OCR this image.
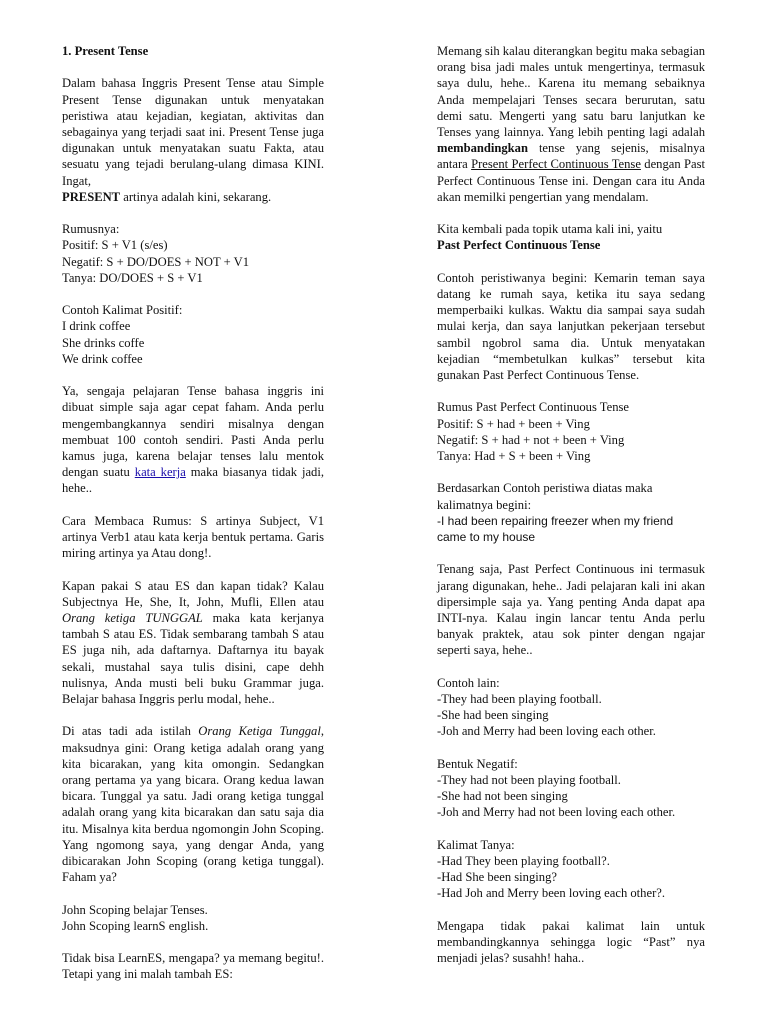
1. Present Tense

Dalam bahasa Inggris Present Tense atau Simple Present Tense digunakan untuk menyatakan peristiwa atau kejadian, kegiatan, aktivitas dan sebagainya yang terjadi saat ini. Present Tense juga digunakan untuk menyatakan suatu Fakta, atau sesuatu yang tejadi berulang-ulang dimasa KINI. Ingat,
PRESENT artinya adalah kini, sekarang.

Rumusnya:
Positif: S + V1 (s/es)
Negatif: S + DO/DOES + NOT + V1
Tanya: DO/DOES + S + V1
Contoh Kalimat Positif:
I drink coffee
She drinks coffe
We drink coffee

Ya, sengaja pelajaran Tense bahasa inggris ini dibuat simple saja agar cepat faham. Anda perlu mengembangkannya sendiri misalnya dengan membuat 100 contoh sendiri. Pasti Anda perlu kamus juga, karena belajar tenses lalu mentok dengan suatu kata kerja maka biasanya tidak jadi, hehe..

Cara Membaca Rumus: S artinya Subject, V1 artinya Verb1 atau kata kerja bentuk pertama. Garis miring artinya ya Atau dong!.

Kapan pakai S atau ES dan kapan tidak? Kalau Subjectnya He, She, It, John, Mufli, Ellen atau Orang ketiga TUNGGAL maka kata kerjanya tambah S atau ES. Tidak sembarang tambah S atau ES juga nih, ada daftarnya. Daftarnya itu bayak sekali, mustahal saya tulis disini, cape dehh nulisnya, Anda musti beli buku Grammar juga. Belajar bahasa Inggris perlu modal, hehe..

Di atas tadi ada istilah Orang Ketiga Tunggal, maksudnya gini: Orang ketiga adalah orang yang kita bicarakan, yang kita omongin. Sedangkan orang pertama ya yang bicara. Orang kedua lawan bicara. Tunggal ya satu. Jadi orang ketiga tunggal adalah orang yang kita bicarakan dan satu saja dia itu. Misalnya kita berdua ngomongin John Scoping. Yang ngomong saya, yang dengar Anda, yang dibicarakan John Scoping (orang ketiga tunggal). Faham ya?

John Scoping belajar Tenses.
John Scoping learnS english.

Tidak bisa LearnES, mengapa? ya memang begitu!. Tetapi yang ini malah tambah ES:

Memang sih kalau diterangkan begitu maka sebagian orang bisa jadi males untuk mengertinya, termasuk saya dulu, hehe.. Karena itu memang sebaiknya Anda mempelajari Tenses secara berurutan, satu demi satu. Mengerti yang satu baru lanjutkan ke Tenses yang lainnya. Yang lebih penting lagi adalah membandingkan tense yang sejenis, misalnya antara Present Perfect Continuous Tense dengan Past Perfect Continuous Tense ini. Dengan cara itu Anda akan memilki pengertian yang mendalam.

Kita kembali pada topik utama kali ini, yaitu
Past Perfect Continuous Tense

Contoh peristiwanya begini: Kemarin teman saya datang ke rumah saya, ketika itu saya sedang memperbaiki kulkas. Waktu dia sampai saya sudah mulai kerja, dan saya lanjutkan pekerjaan tersebut sambil ngobrol sama dia. Untuk menyatakan kejadian “membetulkan kulkas” tersebut kita gunakan Past Perfect Continuous Tense.

Rumus Past Perfect Continuous Tense
Positif: S + had + been + Ving
Negatif: S + had + not + been + Ving
Tanya: Had + S + been + Ving
Berdasarkan Contoh peristiwa diatas maka kalimatnya begini:
-I had been repairing freezer when my friend came to my house

Tenang saja, Past Perfect Continuous ini termasuk jarang digunakan, hehe.. Jadi pelajaran kali ini akan dipersimple saja ya. Yang penting Anda dapat apa INTI-nya. Kalau ingin lancar tentu Anda perlu banyak praktek, atau sok pinter dengan ngajar seperti saya, hehe..

Contoh lain:
-They had been playing football.
-She had been singing
-Joh and Merry had been loving each other.
Bentuk Negatif:
-They had not been playing football.
-She had not been singing
-Joh and Merry had not been loving each other.
Kalimat Tanya:
-Had They been playing football?.
-Had She been singing?
-Had Joh and Merry been loving each other?.

Mengapa tidak pakai kalimat lain untuk membandingkannya sehingga logic “Past” nya menjadi jelas? susahh! haha..
